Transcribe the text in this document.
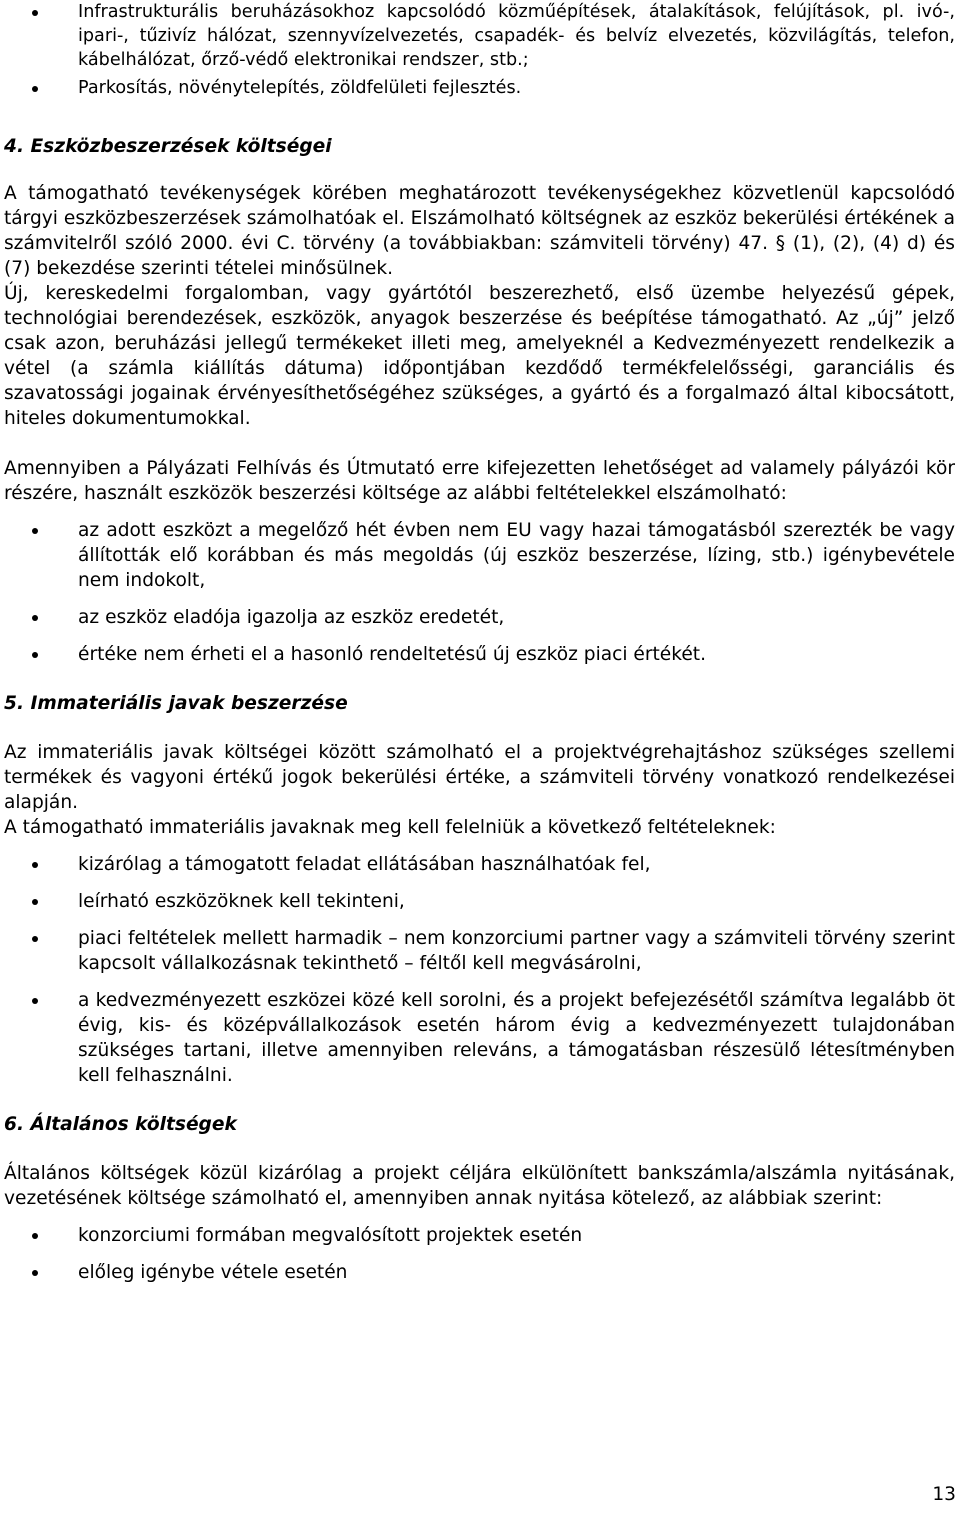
Infrastrukturális beruházásokhoz kapcsolódó közműépítések, átalakítások, felújítások, pl. ivó-, ipari-, tűzivíz hálózat, szennyvízelvezetés, csapadék- és belvíz elvezetés, közvilágítás, telefon, kábelhálózat, őrző-védő elektronikai rendszer, stb.;
Parkosítás, növénytelepítés, zöldfelületi fejlesztés.
4. Eszközbeszerzések költségei

A támogatható tevékenységek körében meghatározott tevékenységekhez közvetlenül kapcsolódó tárgyi eszközbeszerzések számolhatóak el. Elszámolható költségnek az eszköz bekerülési értékének a számvitelről szóló 2000. évi C. törvény (a továbbiakban: számviteli törvény) 47. § (1), (2), (4) d) és (7) bekezdése szerinti tételei minősülnek.

Új, kereskedelmi forgalomban, vagy gyártótól beszerezhető, első üzembe helyezésű gépek, technológiai berendezések, eszközök, anyagok beszerzése és beépítése támogatható. Az „új” jelző csak azon, beruházási jellegű termékeket illeti meg, amelyeknél a Kedvezményezett rendelkezik a vétel (a számla kiállítás dátuma) időpontjában kezdődő termékfelelősségi, garanciális és szavatossági jogainak érvényesíthetőségéhez szükséges, a gyártó és a forgalmazó által kibocsátott, hiteles dokumentumokkal.

Amennyiben a Pályázati Felhívás és Útmutató erre kifejezetten lehetőséget ad valamely pályázói kör részére, használt eszközök beszerzési költsége az alábbi feltételekkel elszámolható:

az adott eszközt a megelőző hét évben nem EU vagy hazai támogatásból szerezték be vagy állították elő korábban és más megoldás (új eszköz beszerzése, lízing, stb.) igénybevétele nem indokolt,
az eszköz eladója igazolja az eszköz eredetét,
értéke nem érheti el a hasonló rendeltetésű új eszköz piaci értékét.
5. Immateriális javak beszerzése

Az immateriális javak költségei között számolható el a projektvégrehajtáshoz szükséges szellemi termékek és vagyoni értékű jogok bekerülési értéke, a számviteli törvény vonatkozó rendelkezései alapján.

A támogatható immateriális javaknak meg kell felelniük a következő feltételeknek:

kizárólag a támogatott feladat ellátásában használhatóak fel,
leírható eszközöknek kell tekinteni,
piaci feltételek mellett harmadik – nem konzorciumi partner vagy a számviteli törvény szerint kapcsolt vállalkozásnak tekinthető – féltől kell megvásárolni,
a kedvezményezett eszközei közé kell sorolni, és a projekt befejezésétől számítva legalább öt évig, kis- és középvállalkozások esetén három évig a kedvezményezett tulajdonában szükséges tartani, illetve amennyiben releváns, a támogatásban részesülő létesítményben kell felhasználni.
6. Általános költségek

Általános költségek közül kizárólag a projekt céljára elkülönített bankszámla/alszámla nyitásának, vezetésének költsége számolható el, amennyiben annak nyitása kötelező, az alábbiak szerint:

konzorciumi formában megvalósított projektek esetén
előleg igénybe vétele esetén
13
